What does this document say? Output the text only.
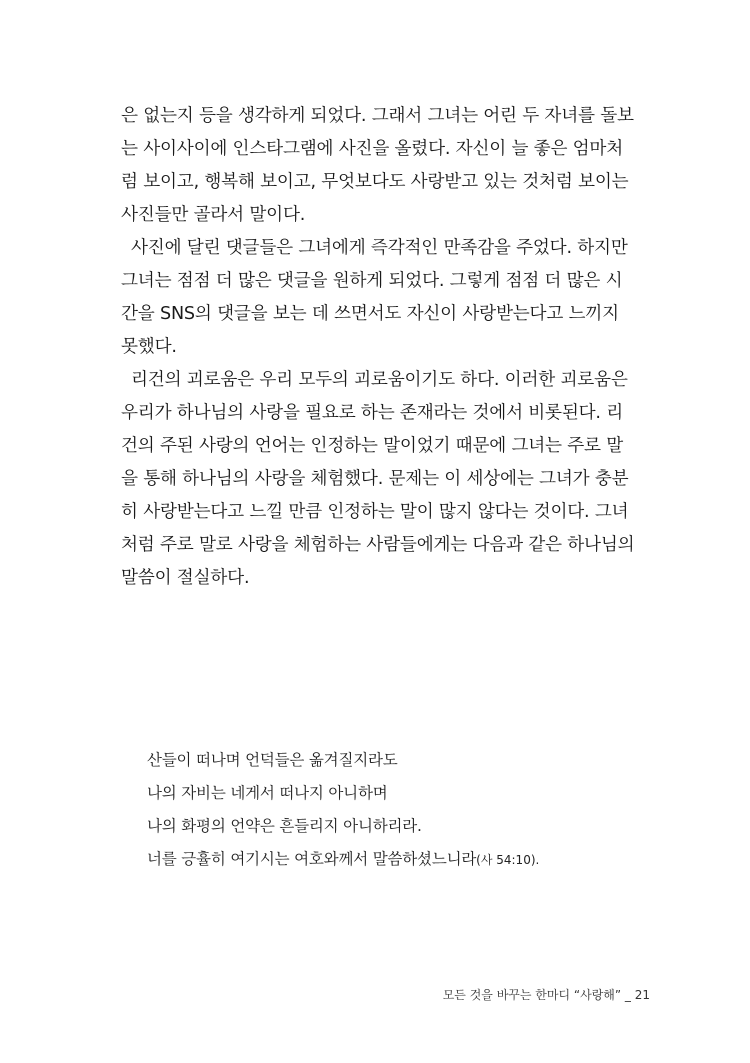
은 없는지 등을 생각하게 되었다. 그래서 그녀는 어린 두 자녀를 돌보
는 사이사이에 인스타그램에 사진을 올렸다. 자신이 늘 좋은 엄마처
럼 보이고, 행복해 보이고, 무엇보다도 사랑받고 있는 것처럼 보이는
사진들만 골라서 말이다.
사진에 달린 댓글들은 그녀에게 즉각적인 만족감을 주었다. 하지만
그녀는 점점 더 많은 댓글을 원하게 되었다. 그렇게 점점 더 많은 시
간을 SNS의 댓글을 보는 데 쓰면서도 자신이 사랑받는다고 느끼지
못했다.
리건의 괴로움은 우리 모두의 괴로움이기도 하다. 이러한 괴로움은
우리가 하나님의 사랑을 필요로 하는 존재라는 것에서 비롯된다. 리
건의 주된 사랑의 언어는 인정하는 말이었기 때문에 그녀는 주로 말
을 통해 하나님의 사랑을 체험했다. 문제는 이 세상에는 그녀가 충분
히 사랑받는다고 느낄 만큼 인정하는 말이 많지 않다는 것이다. 그녀
처럼 주로 말로 사랑을 체험하는 사람들에게는 다음과 같은 하나님의
말씀이 절실하다.
산들이 떠나며 언덕들은 옮겨질지라도
나의 자비는 네게서 떠나지 아니하며
나의 화평의 언약은 흔들리지 아니하리라.
너를 긍휼히 여기시는 여호와께서 말씀하셨느니라(사 54:10).
모든 것을 바꾸는 한마디 “사랑해” _ 21
